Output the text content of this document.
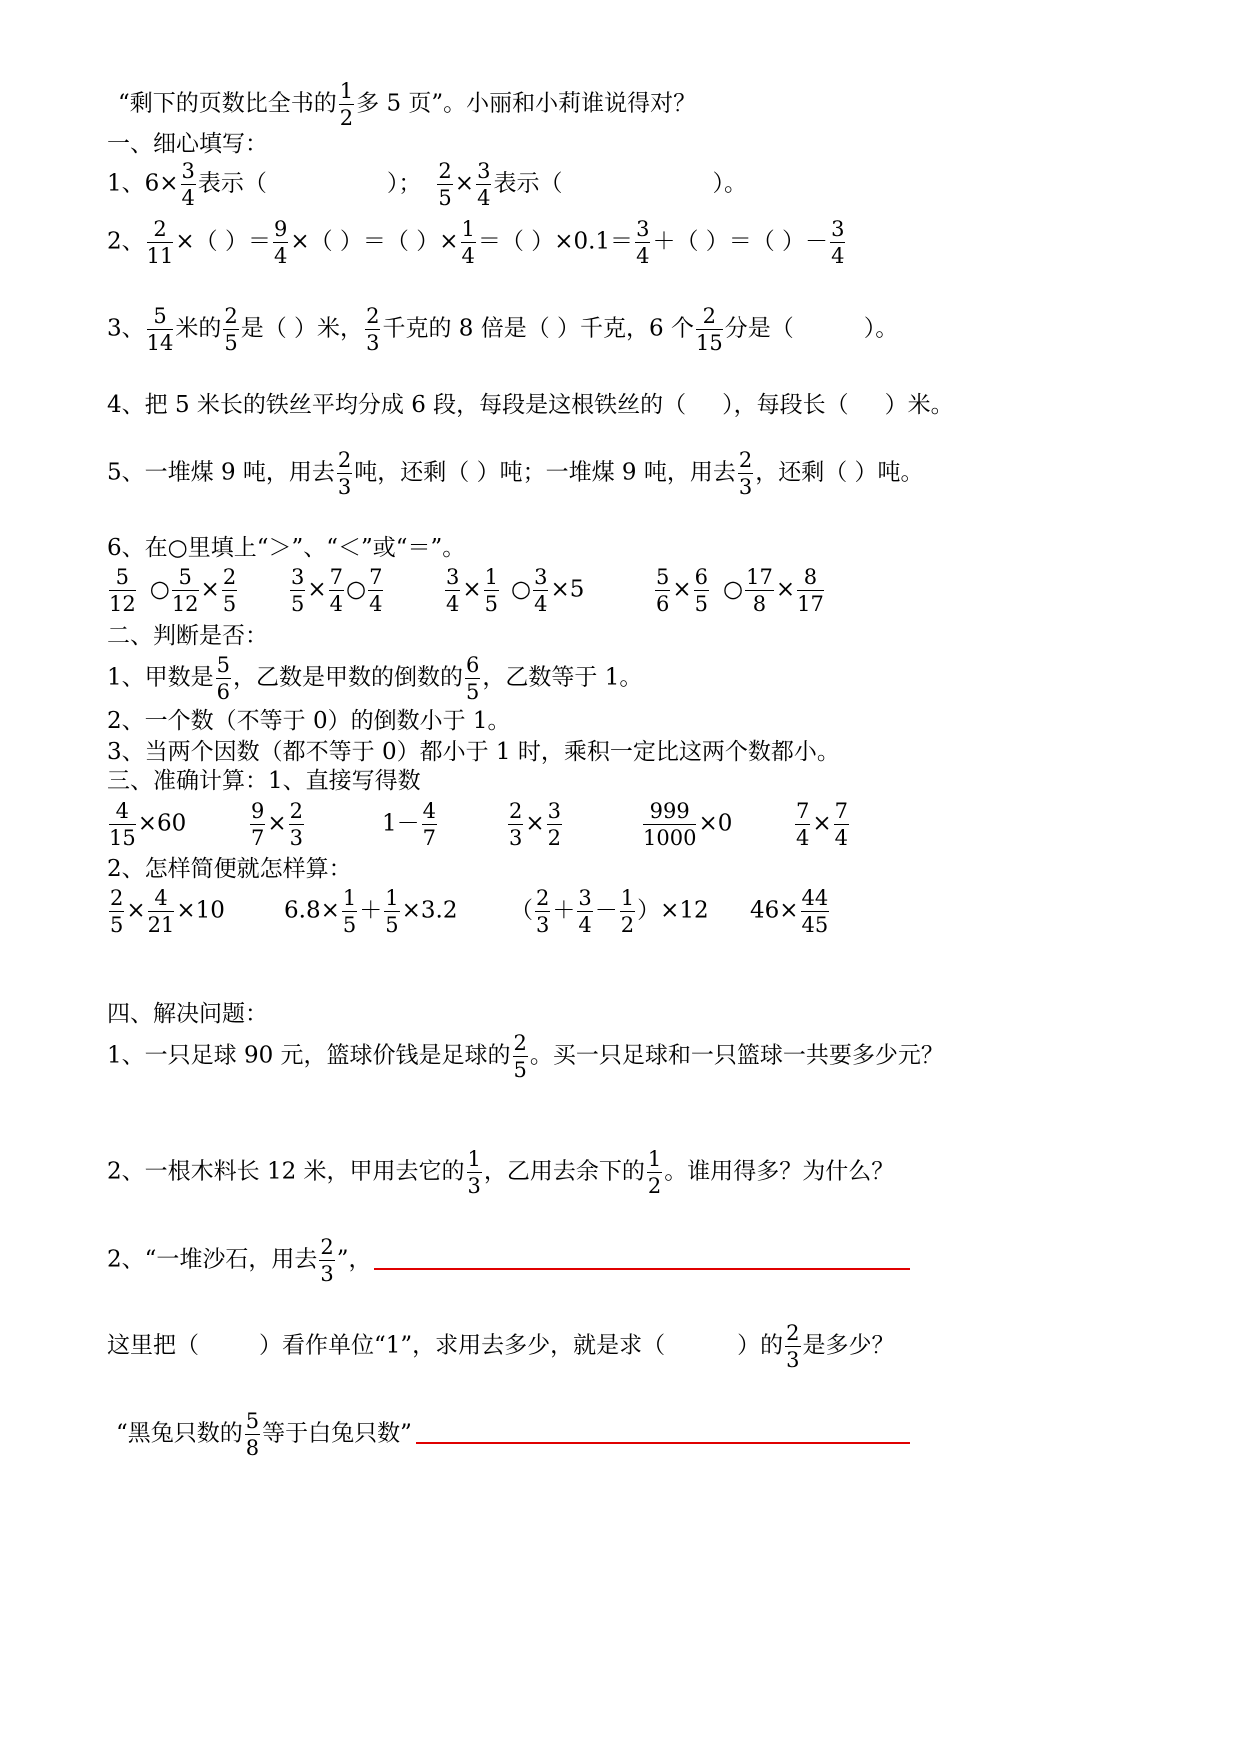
“剩下的页数比全书的 $\frac{1}{2}$ 多 5 页”。小丽和小莉谁说得对？
一、细心填写：
1、$6\times \frac{3}{4}$ 表示（	）； $\frac{2}{5} \times \frac{3}{4}$ 表示（	）。
2、 $\frac{2}{11}$ ×（ ）＝ $\frac{9}{4}$ ×（ ）＝（ ）× $\frac{1}{4}$ ＝（ ）$\times 0.1= \frac{3}{4}$ ＋（ ）＝（ ）－ $\frac{3}{4}$
3、 $\frac{5}{14}$ 米的 $\frac{2}{5}$ 是（ ）米， $\frac{2}{3}$ 千克的 8 倍是（ ）千克，6 个 $\frac{2}{15}$ 分是（	）。
4、把 5 米长的铁丝平均分成 6 段，每段是这根铁丝的（ ），每段长（ ）米。
5、一堆煤 9 吨，用去 $\frac{2}{3}$ 吨，还剩（ ）吨；一堆煤 9 吨，用去 $\frac{2}{3}$ ，还剩（ ）吨。
6、在○里填上“＞”、“＜”或“＝”。
$\frac{5}{12}$ ○ $\frac{5}{12} \times \frac{2}{5}$	$\frac{3}{5} \times \frac{7}{4}$ ○ $\frac{7}{4}$	$\frac{3}{4} \times \frac{1}{5}$ ○ $\frac{3}{4} \times 5$	$\frac{5}{6} \times \frac{6}{5}$ ○ $\frac{17}{8} \times \frac{8}{17}$
二、判断是否：
1、甲数是 $\frac{5}{6}$ ，乙数是甲数的倒数的 $\frac{6}{5}$ ，乙数等于 1。
2、一个数（不等于 0）的倒数小于 1。
3、当两个因数（都不等于 0）都小于 1 时，乘积一定比这两个数都小。
三、准确计算：1、直接写得数
$\frac{4}{15} \times 60$	$\frac{9}{7} \times \frac{2}{3}$	$1- \frac{4}{7}$	$\frac{2}{3} \times \frac{3}{2}$	$\frac{999}{1000} \times 0$	$\frac{7}{4} \times \frac{7}{4}$
2、怎样简便就怎样算：
$\frac{2}{5} \times \frac{4}{21} \times 10$	$6.8\times \frac{1}{5} + \frac{1}{5} \times 3.2$ （ $\frac{2}{3} + \frac{3}{4} - \frac{1}{2} )\times 12$ $46\times \frac{44}{45}$
四、解决问题：
1、一只足球 90 元，篮球价钱是足球的 $\frac{2}{5}$ 。买一只足球和一只篮球一共要多少元？
2、一根木料长 12 米，甲用去它的 $\frac{1}{3}$ ，乙用去余下的 $\frac{1}{2}$ 。谁用得多？为什么？
2、“一堆沙石，用去 $\frac{2}{3}$ ”，
这里把（	）看作单位“1”，求用去多少，就是求（	）的 $\frac{2}{3}$ 是多少？
“黑兔只数的 $\frac{5}{8}$ 等于白兔只数”
